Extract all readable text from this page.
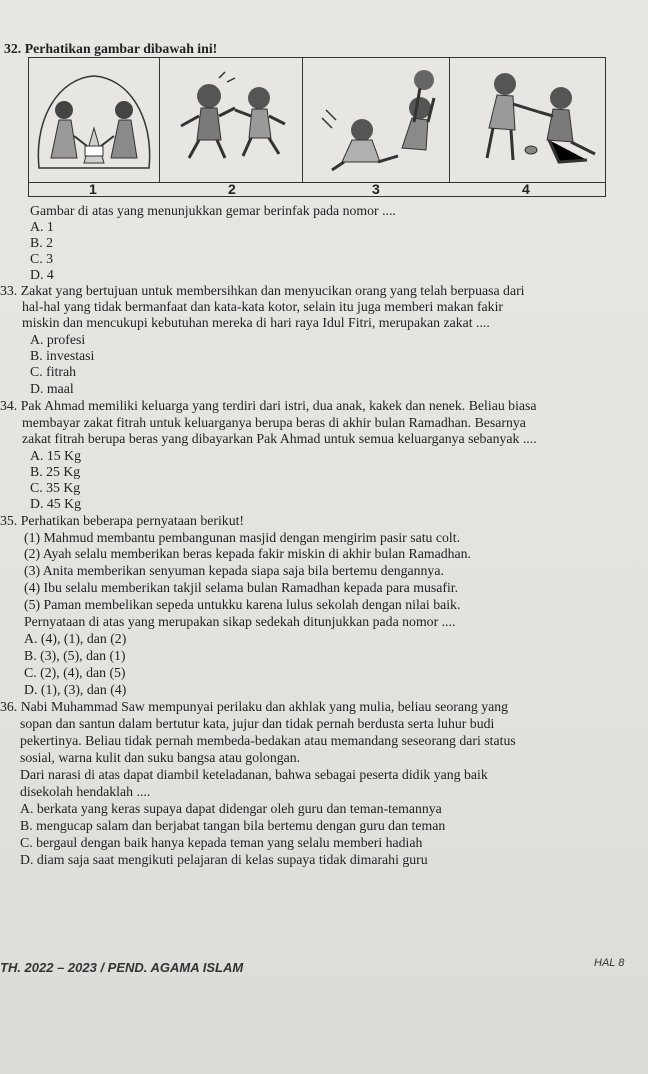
32. Perhatikan gambar dibawah ini!
1	2	3	4
Gambar di atas yang menunjukkan gemar berinfak pada nomor ....
A. 1
B. 2
C. 3
D. 4
33. Zakat yang bertujuan untuk membersihkan dan menyucikan orang yang telah berpuasa dari
hal-hal yang tidak bermanfaat dan kata-kata kotor, selain itu juga memberi makan fakir
miskin dan mencukupi kebutuhan mereka di hari raya Idul Fitri, merupakan zakat ....
A. profesi
B. investasi
C. fitrah
D. maal
34. Pak Ahmad memiliki keluarga yang terdiri dari istri, dua anak, kakek dan nenek. Beliau biasa
membayar zakat fitrah untuk keluarganya berupa beras di akhir bulan Ramadhan. Besarnya
zakat fitrah berupa beras yang dibayarkan Pak Ahmad untuk semua keluarganya sebanyak ....
A. 15 Kg
B. 25 Kg
C. 35 Kg
D. 45 Kg
35. Perhatikan beberapa pernyataan berikut!
(1) Mahmud membantu pembangunan masjid dengan mengirim pasir satu colt.
(2) Ayah selalu memberikan beras kepada fakir miskin di akhir bulan Ramadhan.
(3) Anita memberikan senyuman kepada siapa saja bila bertemu dengannya.
(4) Ibu selalu memberikan takjil selama bulan Ramadhan kepada para musafir.
(5) Paman membelikan sepeda untukku karena lulus sekolah dengan nilai baik.
Pernyataan di atas yang merupakan sikap sedekah ditunjukkan pada nomor ....
A. (4), (1), dan (2)
B. (3), (5), dan (1)
C. (2), (4), dan (5)
D. (1), (3), dan (4)
36. Nabi Muhammad Saw mempunyai perilaku dan akhlak yang mulia, beliau seorang yang
sopan dan santun dalam bertutur kata, jujur dan tidak pernah berdusta serta luhur budi
pekertinya. Beliau tidak pernah membeda-bedakan atau memandang seseorang dari status
sosial, warna kulit dan suku bangsa atau golongan.
Dari narasi di atas dapat diambil keteladanan, bahwa sebagai peserta didik yang baik
disekolah hendaklah ....
A. berkata yang keras supaya dapat didengar oleh guru dan teman-temannya
B. mengucap salam dan berjabat tangan bila bertemu dengan guru dan teman
C. bergaul dengan baik hanya kepada teman yang selalu memberi hadiah
D. diam saja saat mengikuti pelajaran di kelas supaya tidak dimarahi guru
TH. 2022 – 2023 / PEND. AGAMA ISLAM	HAL 8
